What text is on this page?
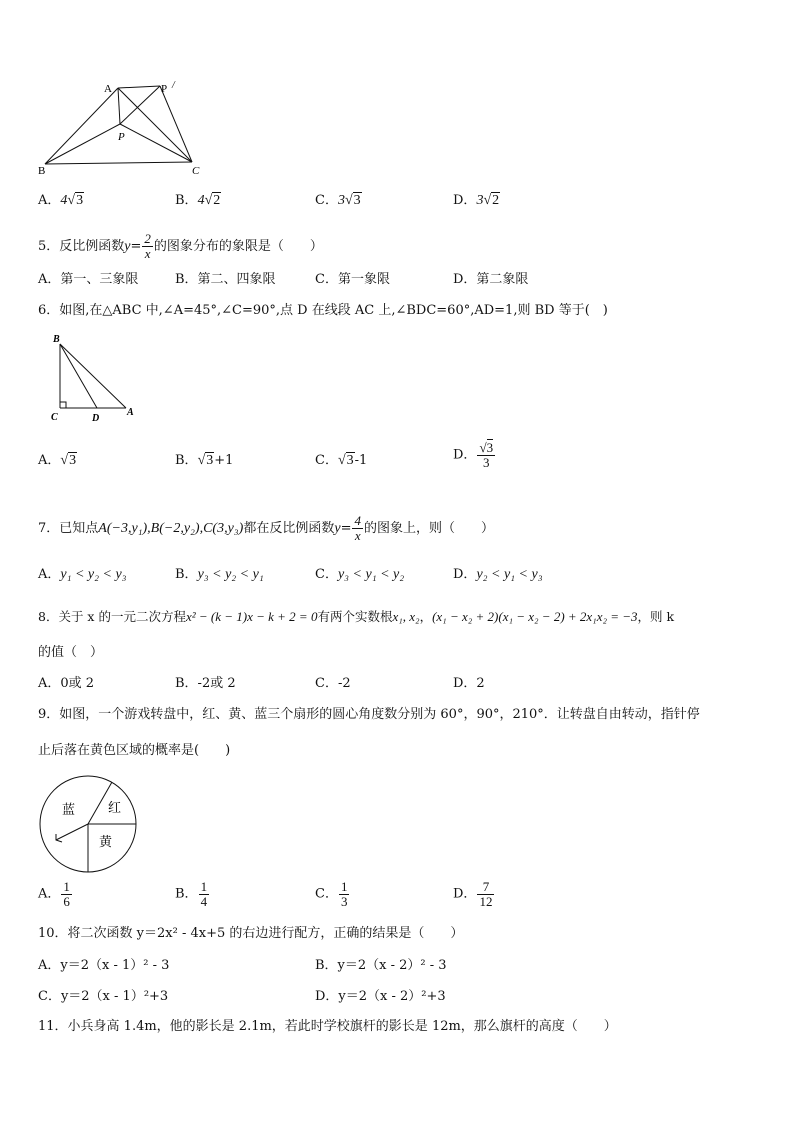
A	P /
P
B	C
A．4√3	B．4√2	C．3√3	D．3√2
5．反比例函数$y= \frac{2}{x}$ 的图象分布的象限是（　　）
A．第一、三象限	B．第二、四象限	C．第一象限	D．第二象限
6．如图,在△ABC 中,∠A=45°,∠C=90°,点 D 在线段 AC 上,∠BDC=60°,AD=1,则 BD 等于(　)
B
C	D
A
A．√3	B．√3+1	C．√3-1	D． $\frac{√3}{3}$
7．已知点A(−3,y₁),B(−2,y₂),C(3,y₃)都在反比例函数$y= \frac{4}{x}$ 的图象上，则（　　）
A．y₁ < y₂ < y₃	B．y₃ < y₂ < y₁	C．y₃ < y₁ < y₂	D．y₂ < y₁ < y₃
8．关于 x 的一元二次方程x² − (k − 1)x − k + 2 = 0有两个实数根x₁, x₂，(x₁ − x₂ + 2)(x₁ − x₂ − 2) + 2x₁x₂ = −3，则 k
的值（　）
A．0或 2	B．-2或 2	C．-2	D．2
9．如图，一个游戏转盘中，红、黄、蓝三个扇形的圆心角度数分别为 60°，90°，210°．让转盘自由转动，指针停
止后落在黄色区域的概率是(　　)
蓝	红
黄
A． $\frac{1}{6}$	B． $\frac{1}{4}$	C． $\frac{1}{3}$	D． $\frac{7}{12}$
10．将二次函数 y＝2x² - 4x+5 的右边进行配方，正确的结果是（　　）
A．y＝2（x - 1）² - 3	B．y＝2（x - 2）² - 3
C．y＝2（x - 1）²+3	D．y＝2（x - 2）²+3
11．小兵身高 1.4m，他的影长是 2.1m，若此时学校旗杆的影长是 12m，那么旗杆的高度（　　）
